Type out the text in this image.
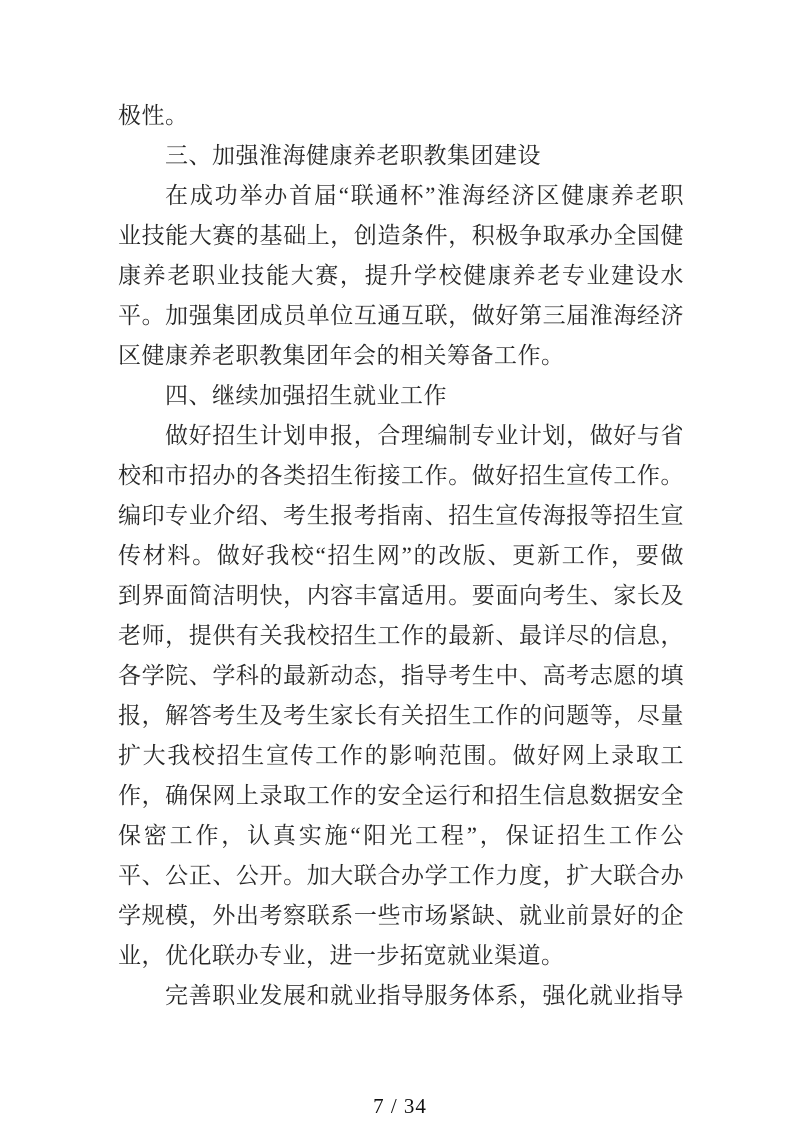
极性。
三、加强淮海健康养老职教集团建设
在成功举办首届“联通杯”淮海经济区健康养老职
业技能大赛的基础上，创造条件，积极争取承办全国健
康养老职业技能大赛，提升学校健康养老专业建设水
平。加强集团成员单位互通互联，做好第三届淮海经济
区健康养老职教集团年会的相关筹备工作。
四、继续加强招生就业工作
做好招生计划申报，合理编制专业计划，做好与省
校和市招办的各类招生衔接工作。做好招生宣传工作。
编印专业介绍、考生报考指南、招生宣传海报等招生宣
传材料。做好我校“招生网”的改版、更新工作，要做
到界面简洁明快，内容丰富适用。要面向考生、家长及
老师，提供有关我校招生工作的最新、最详尽的信息，
各学院、学科的最新动态，指导考生中、高考志愿的填
报，解答考生及考生家长有关招生工作的问题等，尽量
扩大我校招生宣传工作的影响范围。做好网上录取工
作，确保网上录取工作的安全运行和招生信息数据安全
保密工作，认真实施“阳光工程”，保证招生工作公
平、公正、公开。加大联合办学工作力度，扩大联合办
学规模，外出考察联系一些市场紧缺、就业前景好的企
业，优化联办专业，进一步拓宽就业渠道。
完善职业发展和就业指导服务体系，强化就业指导
7 / 34
